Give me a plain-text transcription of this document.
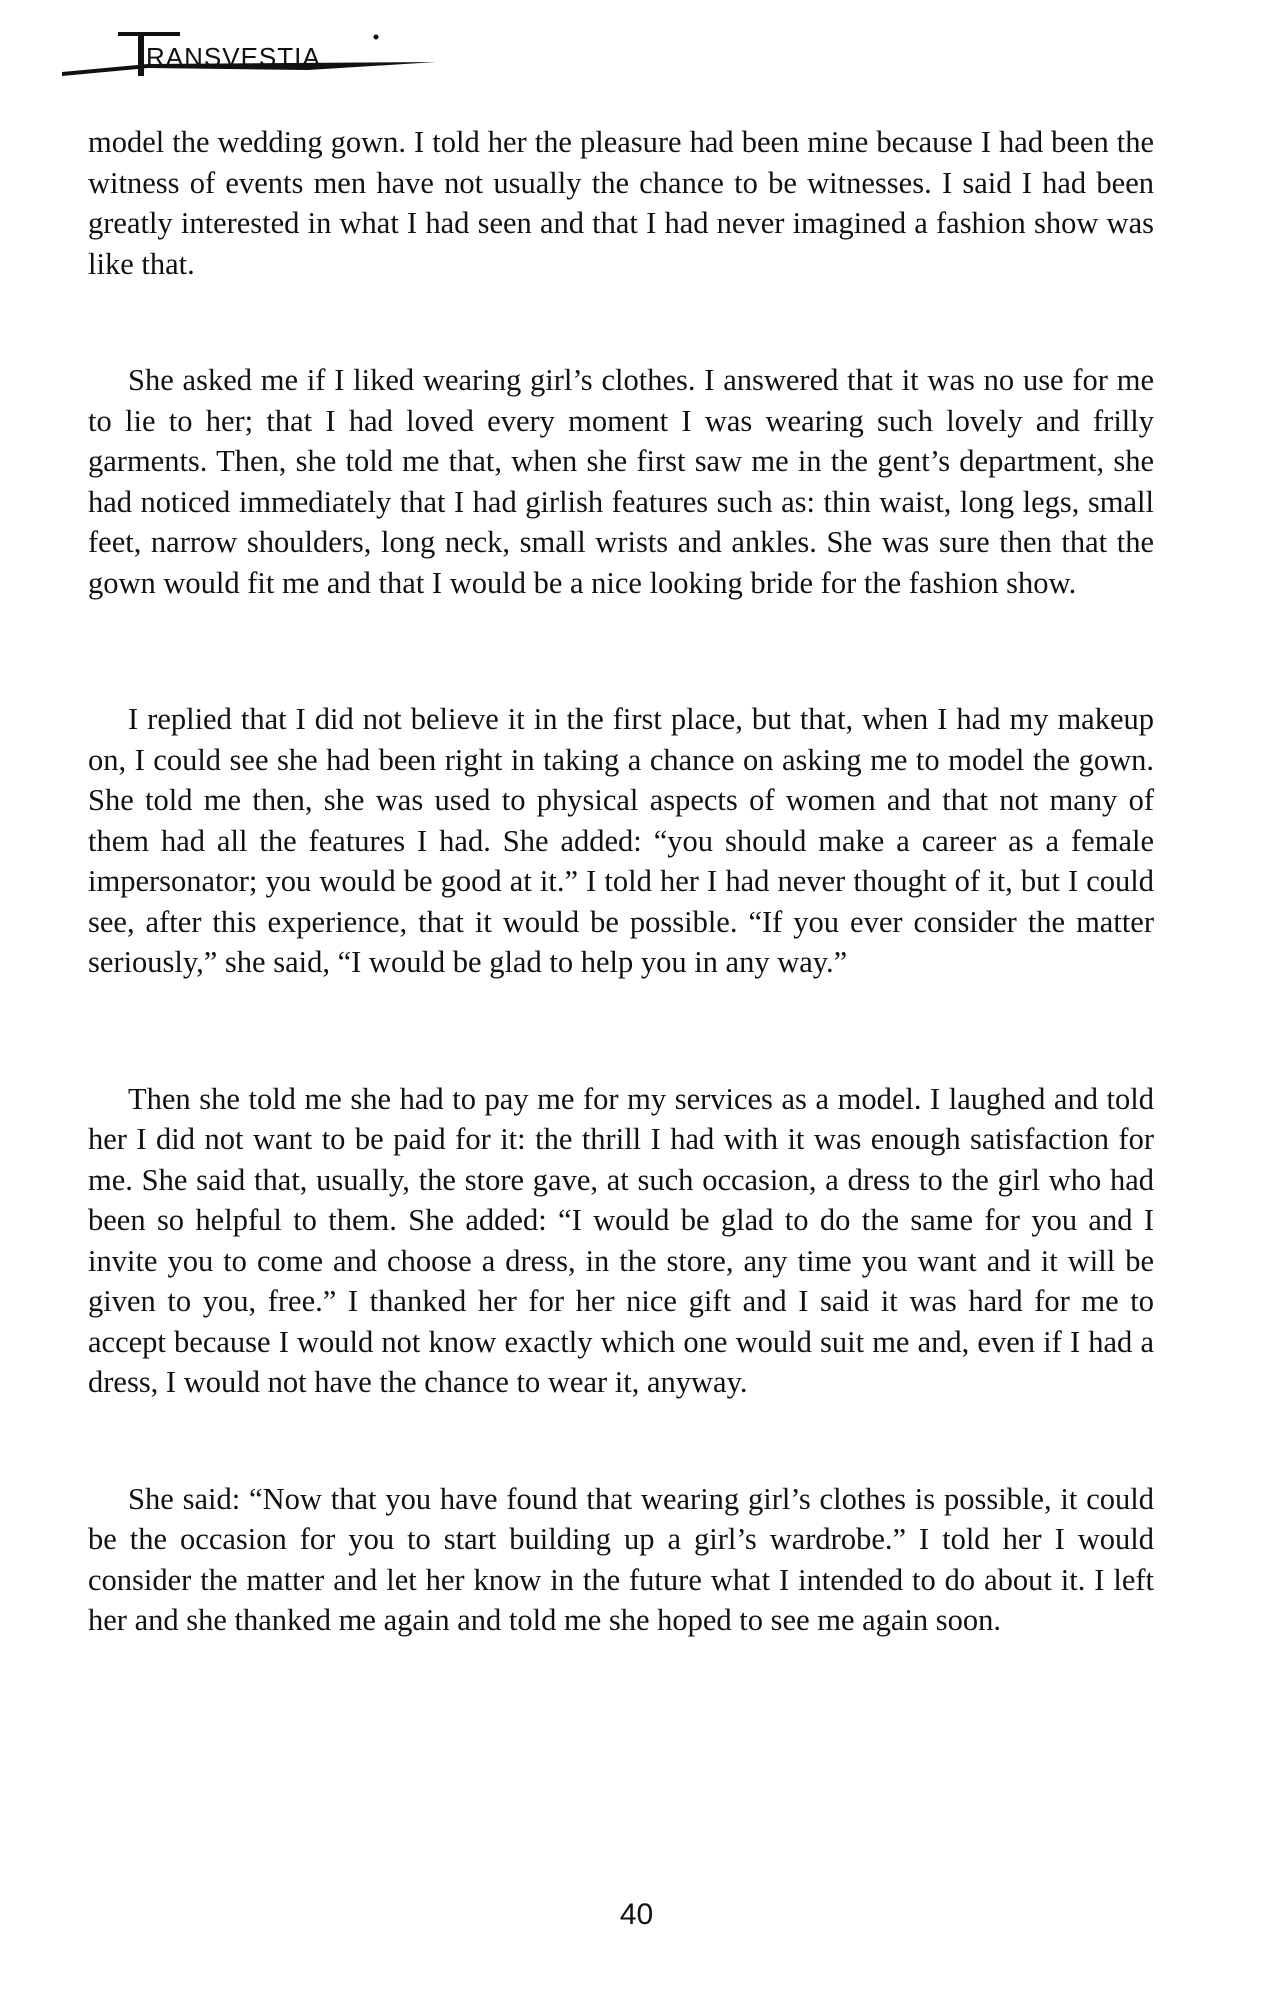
RANSVESTIA

model the wedding gown. I told her the pleasure had been mine because I had been the witness of events men have not usually the chance to be witnesses. I said I had been greatly interested in what I had seen and that I had never imagined a fashion show was like that.

She asked me if I liked wearing girl’s clothes. I answered that it was no use for me to lie to her; that I had loved every moment I was wearing such lovely and frilly garments. Then, she told me that, when she first saw me in the gent’s department, she had noticed immediately that I had girlish features such as: thin waist, long legs, small feet, narrow shoulders, long neck, small wrists and ankles. She was sure then that the gown would fit me and that I would be a nice looking bride for the fashion show.

I replied that I did not believe it in the first place, but that, when I had my makeup on, I could see she had been right in taking a chance on asking me to model the gown. She told me then, she was used to physical aspects of women and that not many of them had all the features I had. She added: “you should make a career as a female impersonator; you would be good at it.” I told her I had never thought of it, but I could see, after this experience, that it would be possible. “If you ever consider the matter seriously,” she said, “I would be glad to help you in any way.”

Then she told me she had to pay me for my services as a model. I laughed and told her I did not want to be paid for it: the thrill I had with it was enough satisfaction for me. She said that, usually, the store gave, at such occasion, a dress to the girl who had been so helpful to them. She added: “I would be glad to do the same for you and I invite you to come and choose a dress, in the store, any time you want and it will be given to you, free.” I thanked her for her nice gift and I said it was hard for me to accept because I would not know exactly which one would suit me and, even if I had a dress, I would not have the chance to wear it, anyway.

She said: “Now that you have found that wearing girl’s clothes is possible, it could be the occasion for you to start building up a girl’s wardrobe.” I told her I would consider the matter and let her know in the future what I intended to do about it. I left her and she thanked me again and told me she hoped to see me again soon.

40
